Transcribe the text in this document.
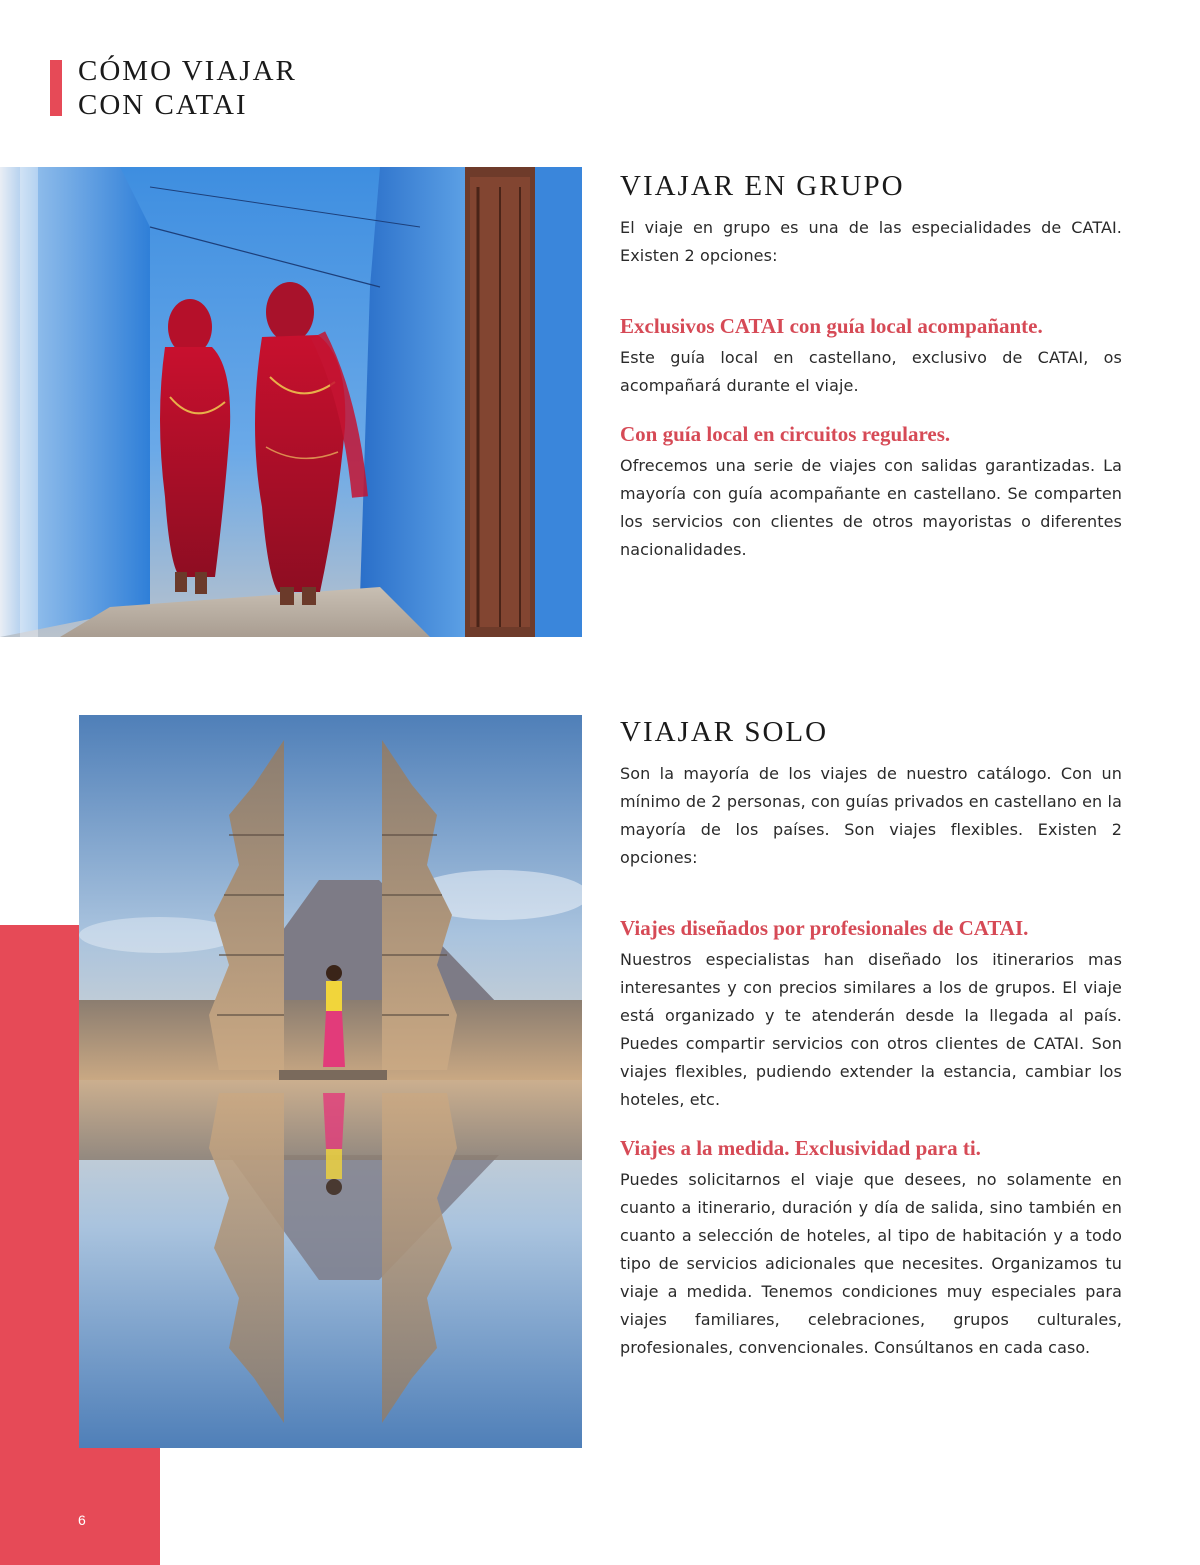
CÓMO VIAJAR
CON CATAI
6
VIAJAR EN GRUPO

El viaje en grupo es una de las especialidades de CATAI. Existen 2 opciones:

Exclusivos CATAI con guía local acompañante.

Este guía local en castellano, exclusivo de CATAI, os acompañará durante el viaje.

Con guía local en circuitos regulares.

Ofrecemos una serie de viajes con salidas garantizadas. La mayoría con guía acompañante en castellano. Se comparten los servicios con clientes de otros mayoristas o diferentes nacionalidades.

VIAJAR SOLO

Son la mayoría de los viajes de nuestro catálogo. Con un mínimo de 2 personas, con guías privados en castellano en la mayoría de los países. Son viajes flexibles. Existen 2 opciones:

Viajes diseñados por profesionales de CATAI.

Nuestros especialistas han diseñado los itinerarios mas interesantes y con precios similares a los de grupos. El viaje está organizado y te atenderán desde la llegada al país. Puedes compartir servicios con otros clientes de CATAI. Son viajes flexibles, pudiendo extender la estancia, cambiar los hoteles, etc.

Viajes a la medida. Exclusividad para ti.

Puedes solicitarnos el viaje que desees, no solamente en cuanto a itinerario, duración y día de salida, sino también en cuanto a selección de hoteles, al tipo de habitación y a todo tipo de servicios adicionales que necesites. Organizamos tu viaje a medida. Tenemos condiciones muy especiales para viajes familiares, celebraciones, grupos culturales, profesionales, convencionales. Consúltanos en cada caso.
